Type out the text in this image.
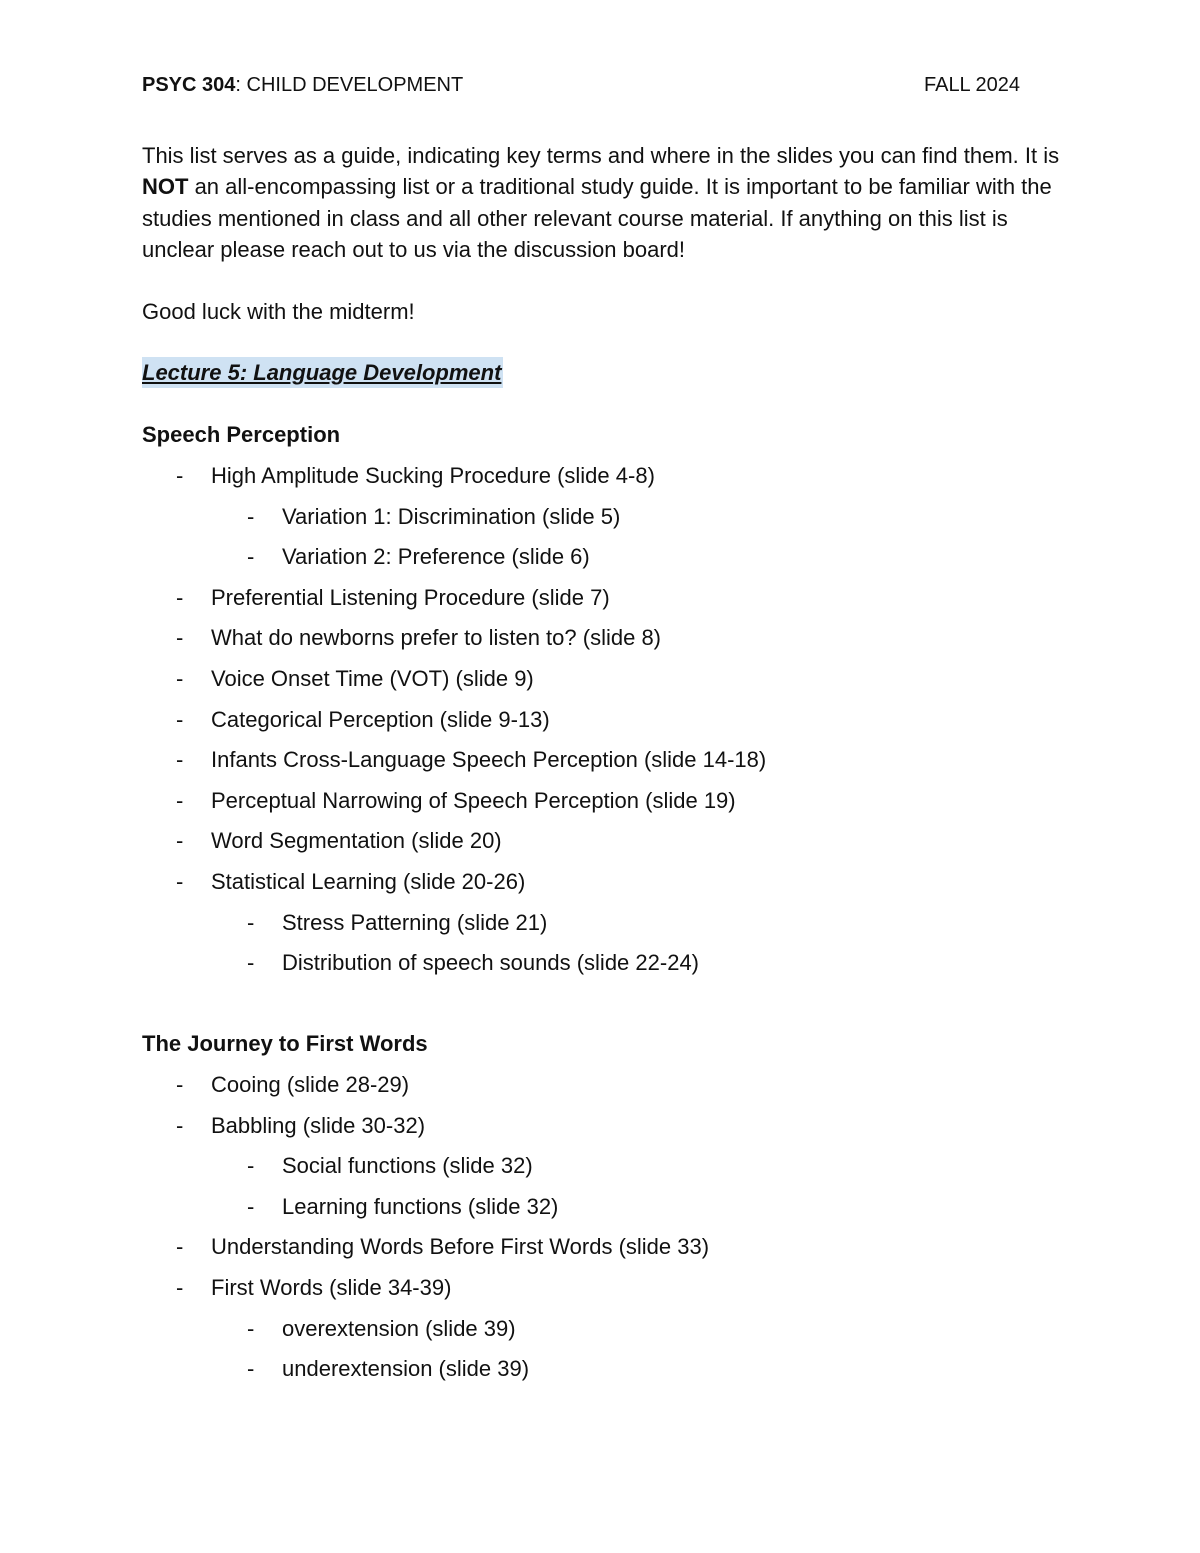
PSYC 304: CHILD DEVELOPMENT	FALL 2024

This list serves as a guide, indicating key terms and where in the slides you can find them. It is NOT an all-encompassing list or a traditional study guide. It is important to be familiar with the studies mentioned in class and all other relevant course material. If anything on this list is unclear please reach out to us via the discussion board!

Good luck with the midterm!

Lecture 5: Language Development

Speech Perception

- High Amplitude Sucking Procedure (slide 4-8)
- Variation 1: Discrimination (slide 5)
- Variation 2: Preference (slide 6)
- Preferential Listening Procedure (slide 7)
- What do newborns prefer to listen to? (slide 8)
- Voice Onset Time (VOT) (slide 9)
- Categorical Perception (slide 9-13)
- Infants Cross-Language Speech Perception (slide 14-18)
- Perceptual Narrowing of Speech Perception (slide 19)
- Word Segmentation (slide 20)
- Statistical Learning (slide 20-26)
- Stress Patterning (slide 21)
- Distribution of speech sounds (slide 22-24)

The Journey to First Words

- Cooing (slide 28-29)
- Babbling (slide 30-32)
- Social functions (slide 32)
- Learning functions (slide 32)
- Understanding Words Before First Words (slide 33)
- First Words (slide 34-39)
- overextension (slide 39)
- underextension (slide 39)
